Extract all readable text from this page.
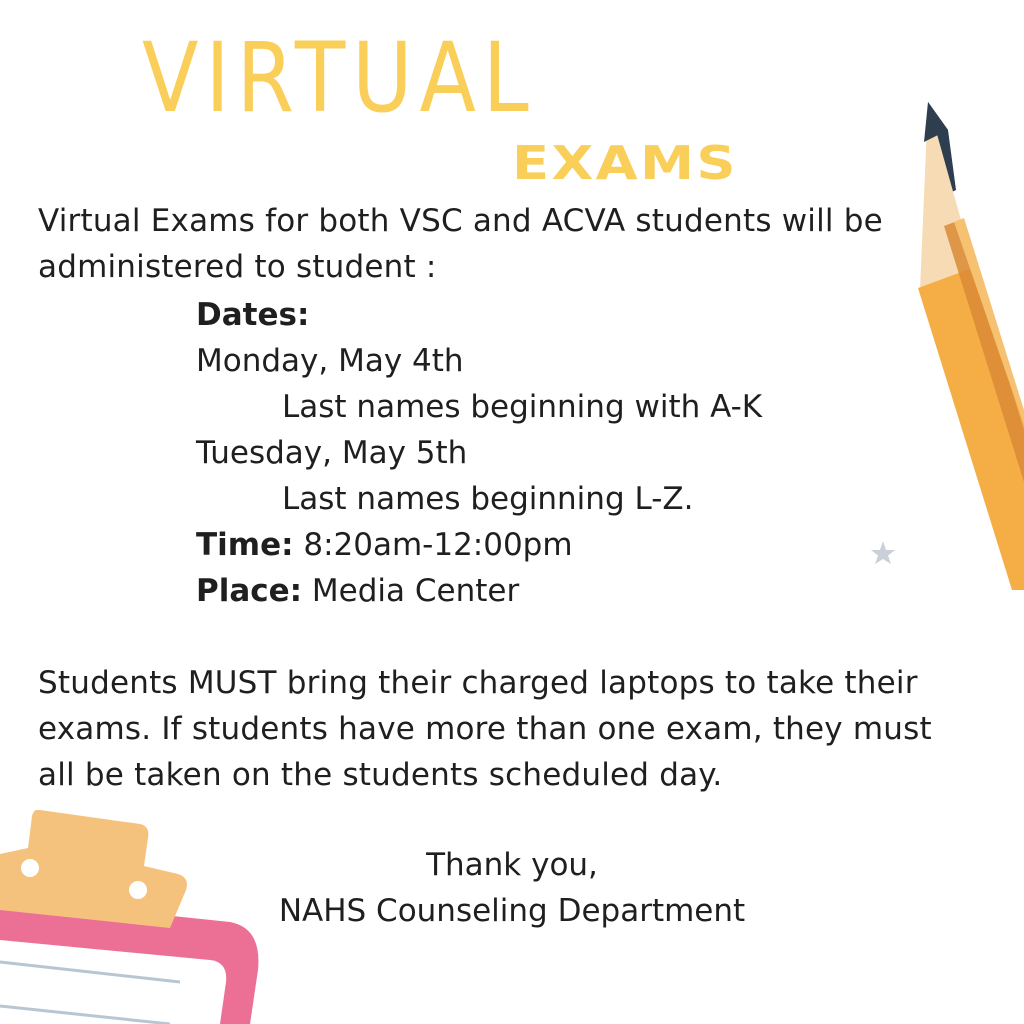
VIRTUAL
EXAMS
Virtual Exams for both VSC and ACVA students will be
administered to student :
Dates:
Monday, May 4th
Last names beginning with A-K
Tuesday, May 5th
Last names beginning L-Z.
Time: 8:20am-12:00pm
Place: Media Center
Students MUST bring their charged laptops to take their
exams. If students have more than one exam, they must
all be taken on the students scheduled day.
Thank you,
NAHS Counseling Department
